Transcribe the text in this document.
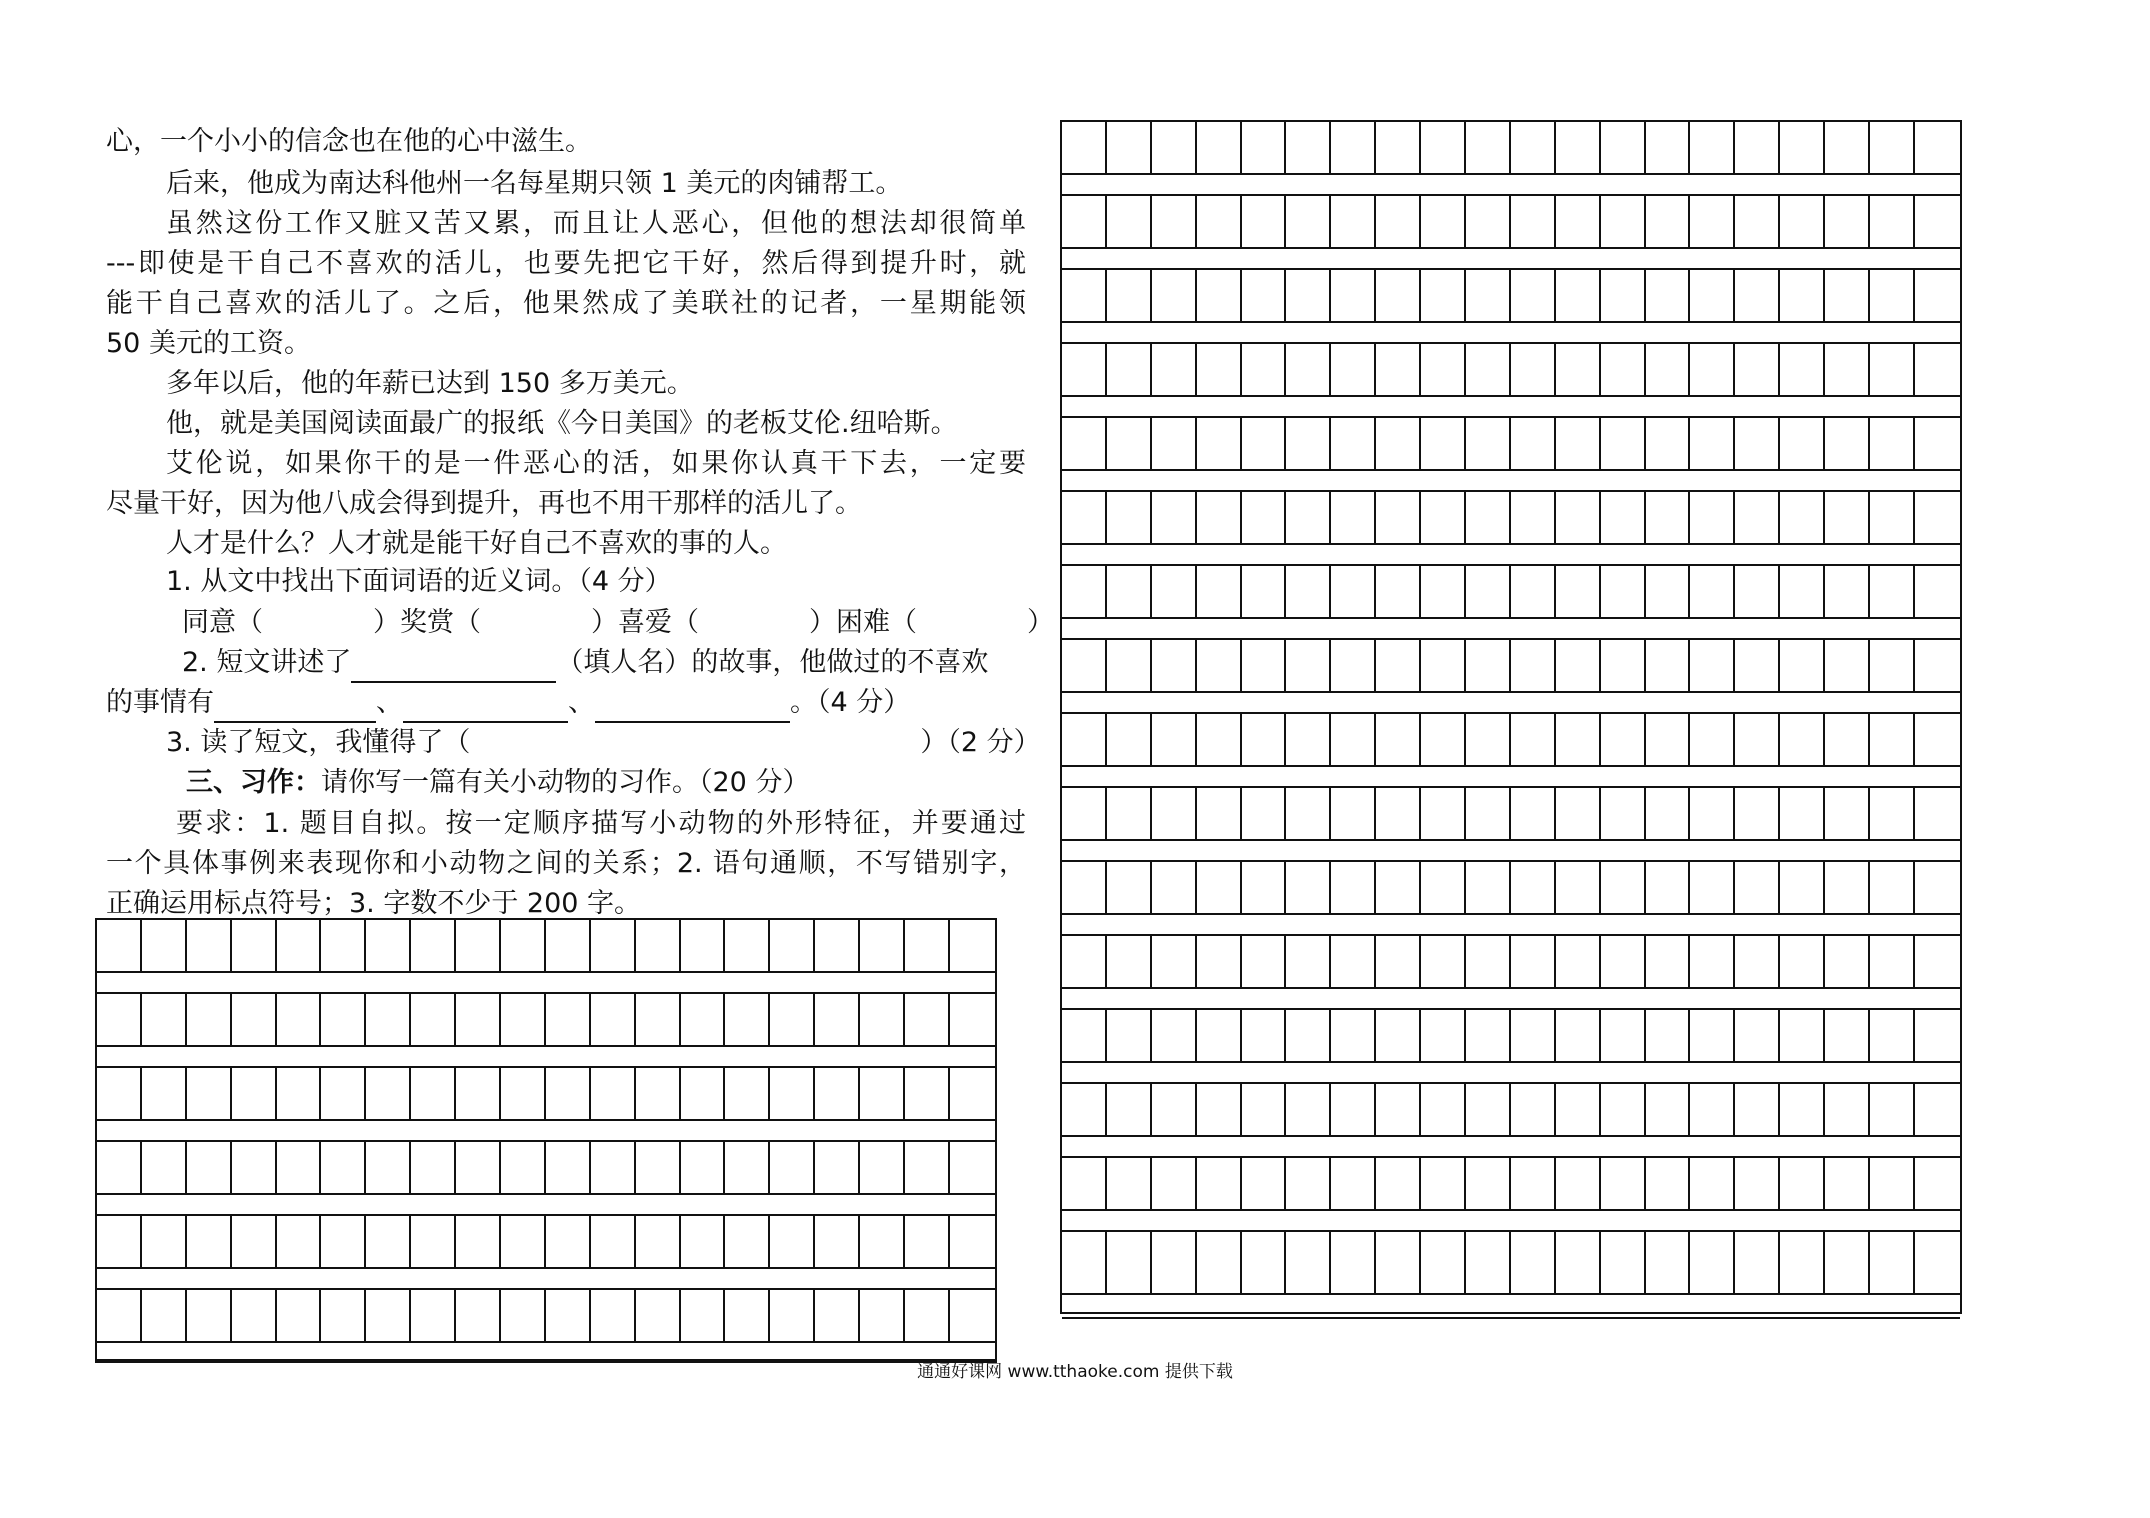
心，一个小小的信念也在他的心中滋生。
后来，他成为南达科他州一名每星期只领 1 美元的肉铺帮工。
虽然这份工作又脏又苦又累，而且让人恶心，但他的想法却很简单
---即使是干自己不喜欢的活儿，也要先把它干好，然后得到提升时，就
能干自己喜欢的活儿了。之后，他果然成了美联社的记者，一星期能领
50 美元的工资。
多年以后，他的年薪已达到 150 多万美元。
他，就是美国阅读面最广的报纸《今日美国》的老板艾伦.纽哈斯。
艾伦说，如果你干的是一件恶心的活，如果你认真干下去，一定要
尽量干好，因为他八成会得到提升，再也不用干那样的活儿了。
人才是什么？人才就是能干好自己不喜欢的事的人。
1. 从文中找出下面词语的近义词。（4 分）
同意（	）奖赏（	）喜爱（	）困难（	）
2. 短文讲述了	（填人名）的故事，他做过的不喜欢
的事情有	、	、	。（4 分）
3. 读了短文，我懂得了（	）（2 分）
三、习作：请你写一篇有关小动物的习作。（20 分）
要求：1. 题目自拟。按一定顺序描写小动物的外形特征，并要通过
一个具体事例来表现你和小动物之间的关系；2. 语句通顺，不写错别字，
正确运用标点符号；3. 字数不少于 200 字。
通通好课网 www.tthaoke.com 提供下载
